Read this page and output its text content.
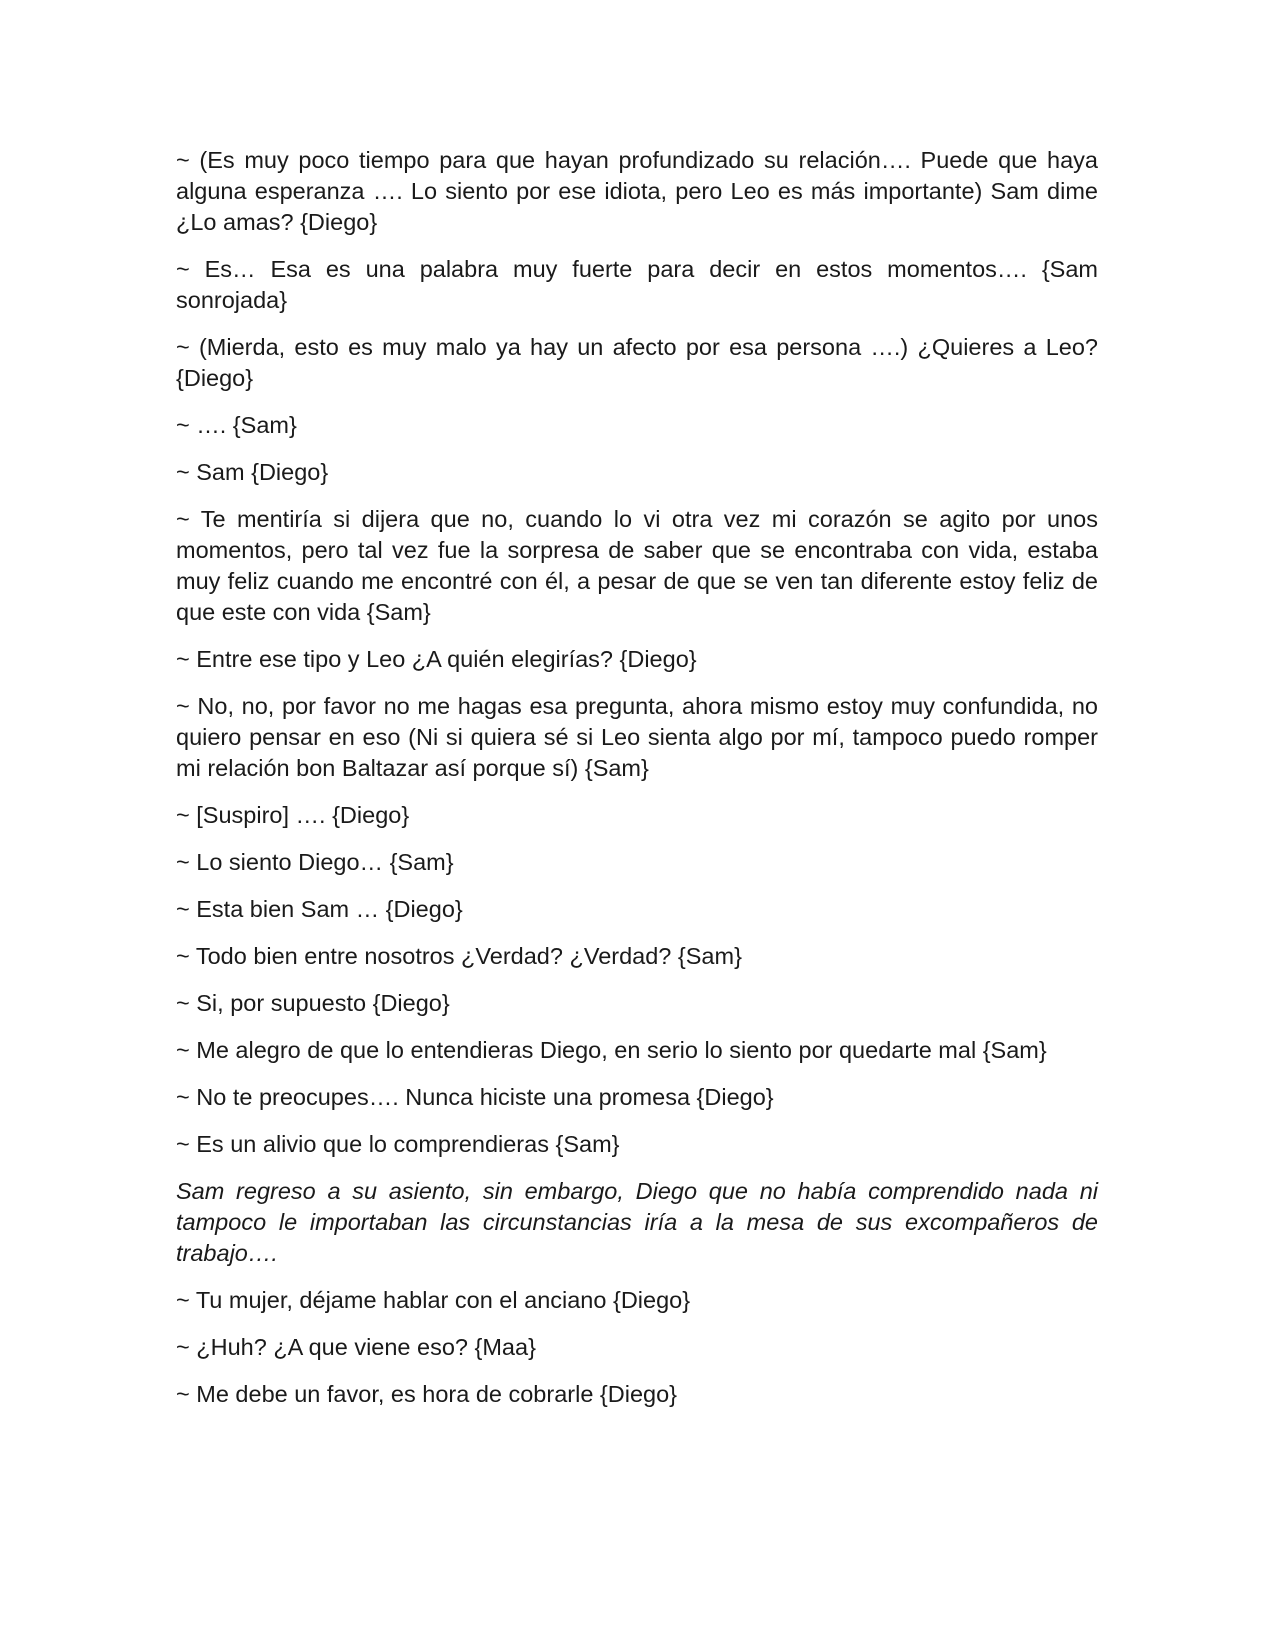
~ (Es muy poco tiempo para que hayan profundizado su relación…. Puede que haya alguna esperanza …. Lo siento por ese idiota, pero Leo es más importante) Sam dime ¿Lo amas? {Diego}

~ Es… Esa es una palabra muy fuerte para decir en estos momentos…. {Sam sonrojada}

~ (Mierda, esto es muy malo ya hay un afecto por esa persona ….) ¿Quieres a Leo? {Diego}

~ …. {Sam}

~ Sam {Diego}

~ Te mentiría si dijera que no, cuando lo vi otra vez mi corazón se agito por unos momentos, pero tal vez fue la sorpresa de saber que se encontraba con vida, estaba muy feliz cuando me encontré con él, a pesar de que se ven tan diferente estoy feliz de que este con vida {Sam}

~ Entre ese tipo y Leo ¿A quién elegirías? {Diego}

~ No, no, por favor no me hagas esa pregunta, ahora mismo estoy muy confundida, no quiero pensar en eso (Ni si quiera sé si Leo sienta algo por mí, tampoco puedo romper mi relación bon Baltazar así porque sí) {Sam}

~ [Suspiro] …. {Diego}

~ Lo siento Diego… {Sam}

~ Esta bien Sam … {Diego}

~ Todo bien entre nosotros ¿Verdad? ¿Verdad? {Sam}

~ Si, por supuesto {Diego}

~ Me alegro de que lo entendieras Diego, en serio lo siento por quedarte mal {Sam}

~ No te preocupes…. Nunca hiciste una promesa {Diego}

~ Es un alivio que lo comprendieras {Sam}

Sam regreso a su asiento, sin embargo, Diego que no había comprendido nada ni tampoco le importaban las circunstancias iría a la mesa de sus excompañeros de trabajo….

~ Tu mujer, déjame hablar con el anciano {Diego}

~ ¿Huh? ¿A que viene eso? {Maa}

~ Me debe un favor, es hora de cobrarle {Diego}
